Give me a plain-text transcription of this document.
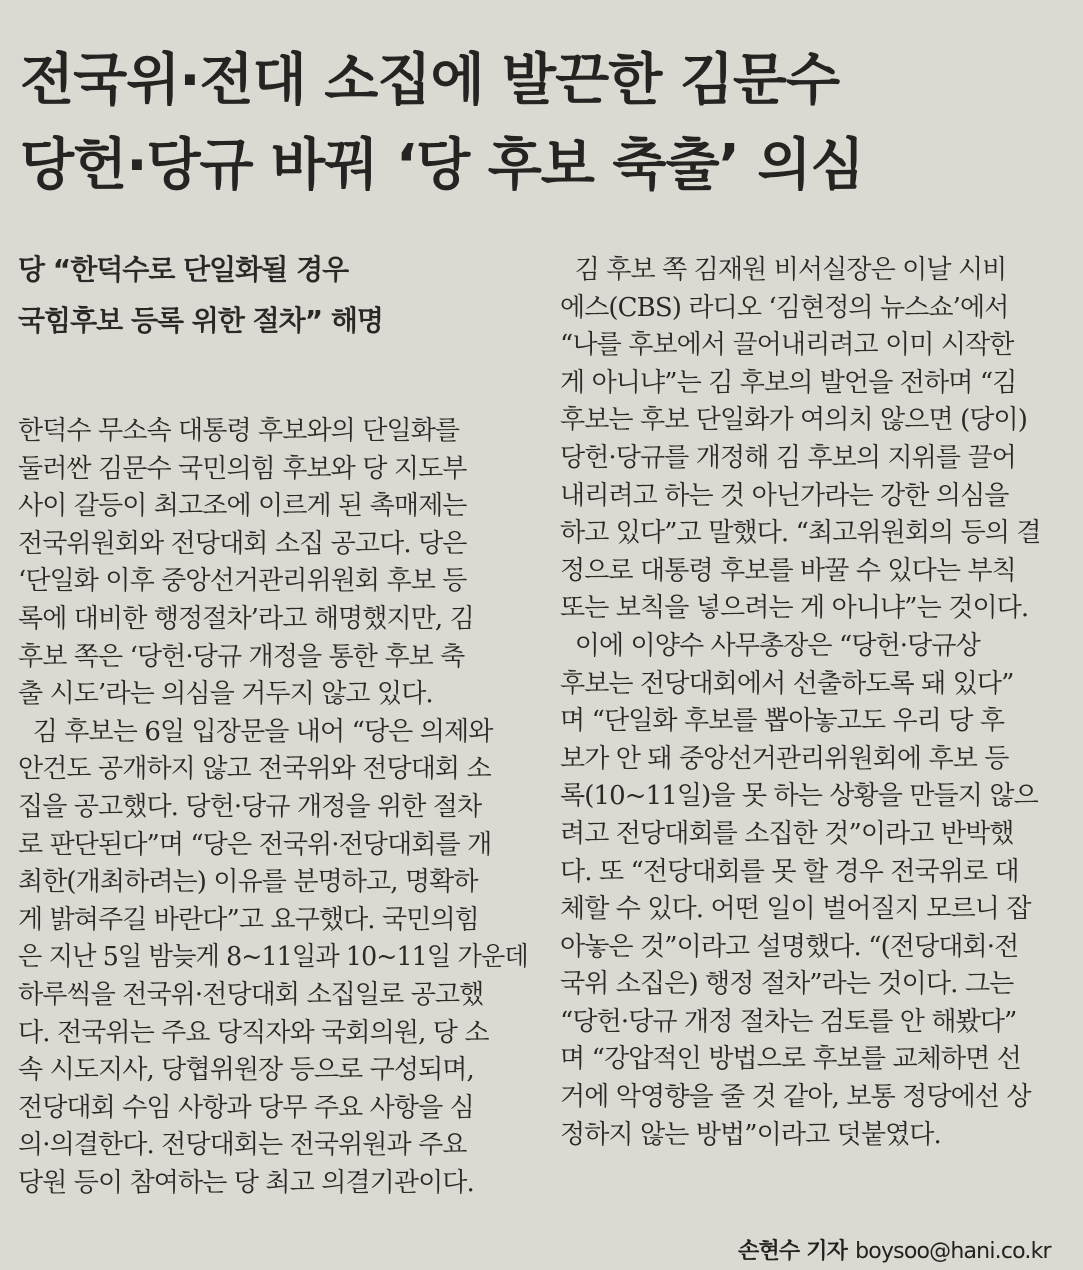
전국위·전대 소집에 발끈한 김문수
당헌·당규 바꿔 ‘당 후보 축출’ 의심
당 “한덕수로 단일화될 경우
국힘후보 등록 위한 절차” 해명
한덕수 무소속 대통령 후보와의 단일화를
둘러싼 김문수 국민의힘 후보와 당 지도부
사이 갈등이 최고조에 이르게 된 촉매제는
전국위원회와 전당대회 소집 공고다. 당은
‘단일화 이후 중앙선거관리위원회 후보 등
록에 대비한 행정절차’라고 해명했지만, 김
후보 쪽은 ‘당헌·당규 개정을 통한 후보 축
출 시도’라는 의심을 거두지 않고 있다.
김 후보는 6일 입장문을 내어 “당은 의제와
안건도 공개하지 않고 전국위와 전당대회 소
집을 공고했다. 당헌·당규 개정을 위한 절차
로 판단된다”며 “당은 전국위·전당대회를 개
최한(개최하려는) 이유를 분명하고, 명확하
게 밝혀주길 바란다”고 요구했다. 국민의힘
은 지난 5일 밤늦게 8~11일과 10~11일 가운데
하루씩을 전국위·전당대회 소집일로 공고했
다. 전국위는 주요 당직자와 국회의원, 당 소
속 시도지사, 당협위원장 등으로 구성되며,
전당대회 수임 사항과 당무 주요 사항을 심
의·의결한다. 전당대회는 전국위원과 주요
당원 등이 참여하는 당 최고 의결기관이다.
김 후보 쪽 김재원 비서실장은 이날 시비
에스(CBS) 라디오 ‘김현정의 뉴스쇼’에서
“나를 후보에서 끌어내리려고 이미 시작한
게 아니냐”는 김 후보의 발언을 전하며 “김
후보는 후보 단일화가 여의치 않으면 (당이)
당헌·당규를 개정해 김 후보의 지위를 끌어
내리려고 하는 것 아닌가라는 강한 의심을
하고 있다”고 말했다. “최고위원회의 등의 결
정으로 대통령 후보를 바꿀 수 있다는 부칙
또는 보칙을 넣으려는 게 아니냐”는 것이다.
이에 이양수 사무총장은 “당헌·당규상
후보는 전당대회에서 선출하도록 돼 있다”
며 “단일화 후보를 뽑아놓고도 우리 당 후
보가 안 돼 중앙선거관리위원회에 후보 등
록(10~11일)을 못 하는 상황을 만들지 않으
려고 전당대회를 소집한 것”이라고 반박했
다. 또 “전당대회를 못 할 경우 전국위로 대
체할 수 있다. 어떤 일이 벌어질지 모르니 잡
아놓은 것”이라고 설명했다. “(전당대회·전
국위 소집은) 행정 절차”라는 것이다. 그는
“당헌·당규 개정 절차는 검토를 안 해봤다”
며 “강압적인 방법으로 후보를 교체하면 선
거에 악영향을 줄 것 같아, 보통 정당에선 상
정하지 않는 방법”이라고 덧붙였다.
손현수 기자 boysoo@hani.co.kr
